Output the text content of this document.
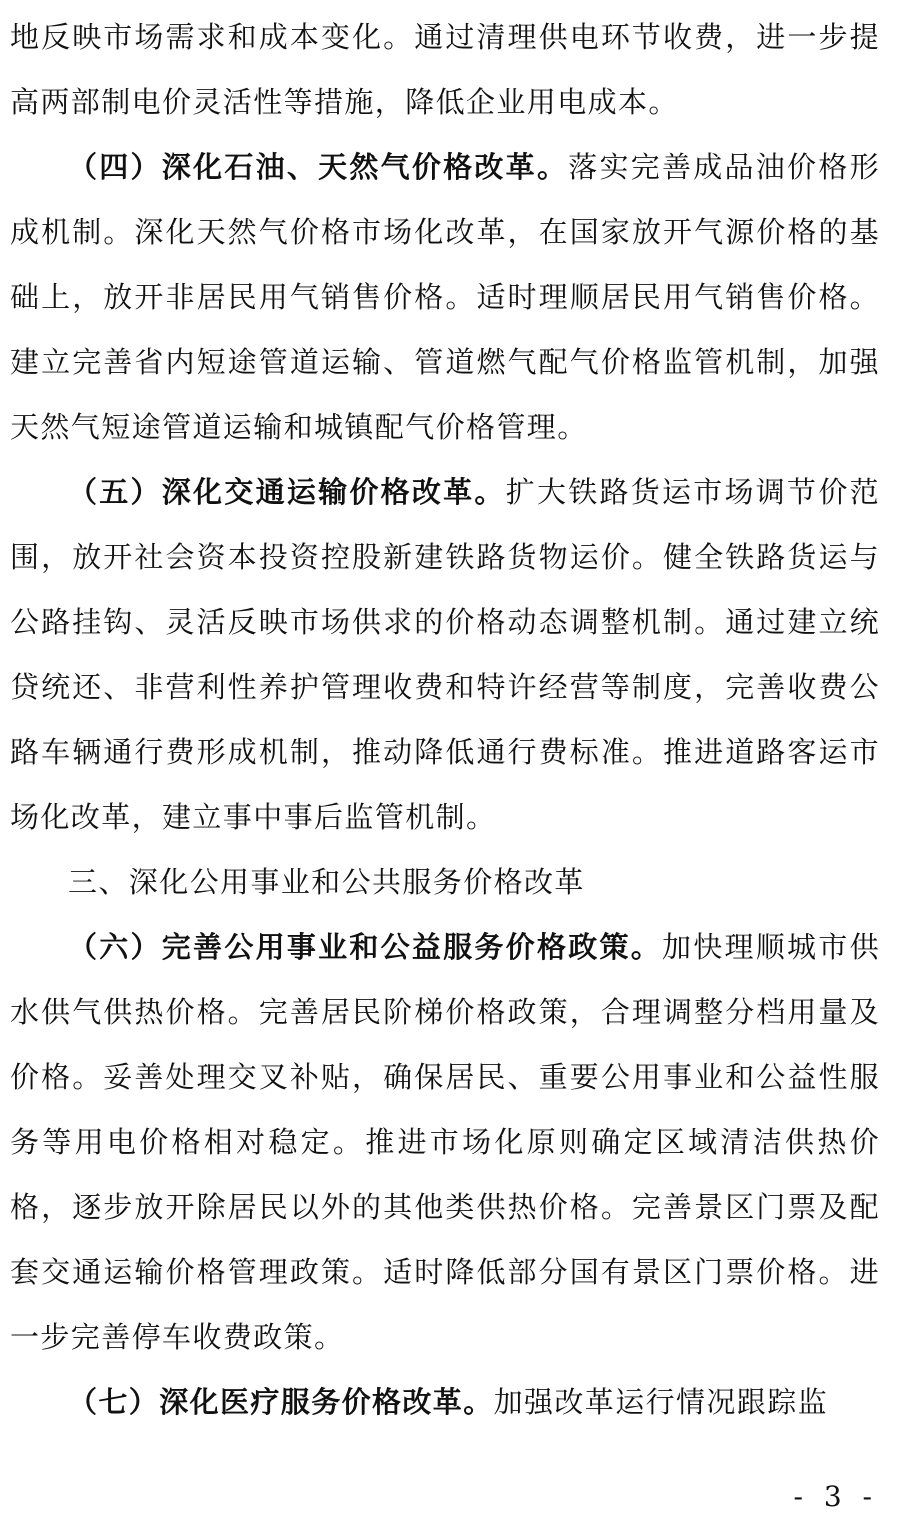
地反映市场需求和成本变化。通过清理供电环节收费，进一步提高两部制电价灵活性等措施，降低企业用电成本。

（四）深化石油、天然气价格改革。落实完善成品油价格形成机制。深化天然气价格市场化改革，在国家放开气源价格的基础上，放开非居民用气销售价格。适时理顺居民用气销售价格。建立完善省内短途管道运输、管道燃气配气价格监管机制，加强天然气短途管道运输和城镇配气价格管理。

（五）深化交通运输价格改革。扩大铁路货运市场调节价范围，放开社会资本投资控股新建铁路货物运价。健全铁路货运与公路挂钩、灵活反映市场供求的价格动态调整机制。通过建立统贷统还、非营利性养护管理收费和特许经营等制度，完善收费公路车辆通行费形成机制，推动降低通行费标准。推进道路客运市场化改革，建立事中事后监管机制。

三、深化公用事业和公共服务价格改革

（六）完善公用事业和公益服务价格政策。加快理顺城市供水供气供热价格。完善居民阶梯价格政策，合理调整分档用量及价格。妥善处理交叉补贴，确保居民、重要公用事业和公益性服务等用电价格相对稳定。推进市场化原则确定区域清洁供热价格，逐步放开除居民以外的其他类供热价格。完善景区门票及配套交通运输价格管理政策。适时降低部分国有景区门票价格。进一步完善停车收费政策。

（七）深化医疗服务价格改革。加强改革运行情况跟踪监

- 3 -
